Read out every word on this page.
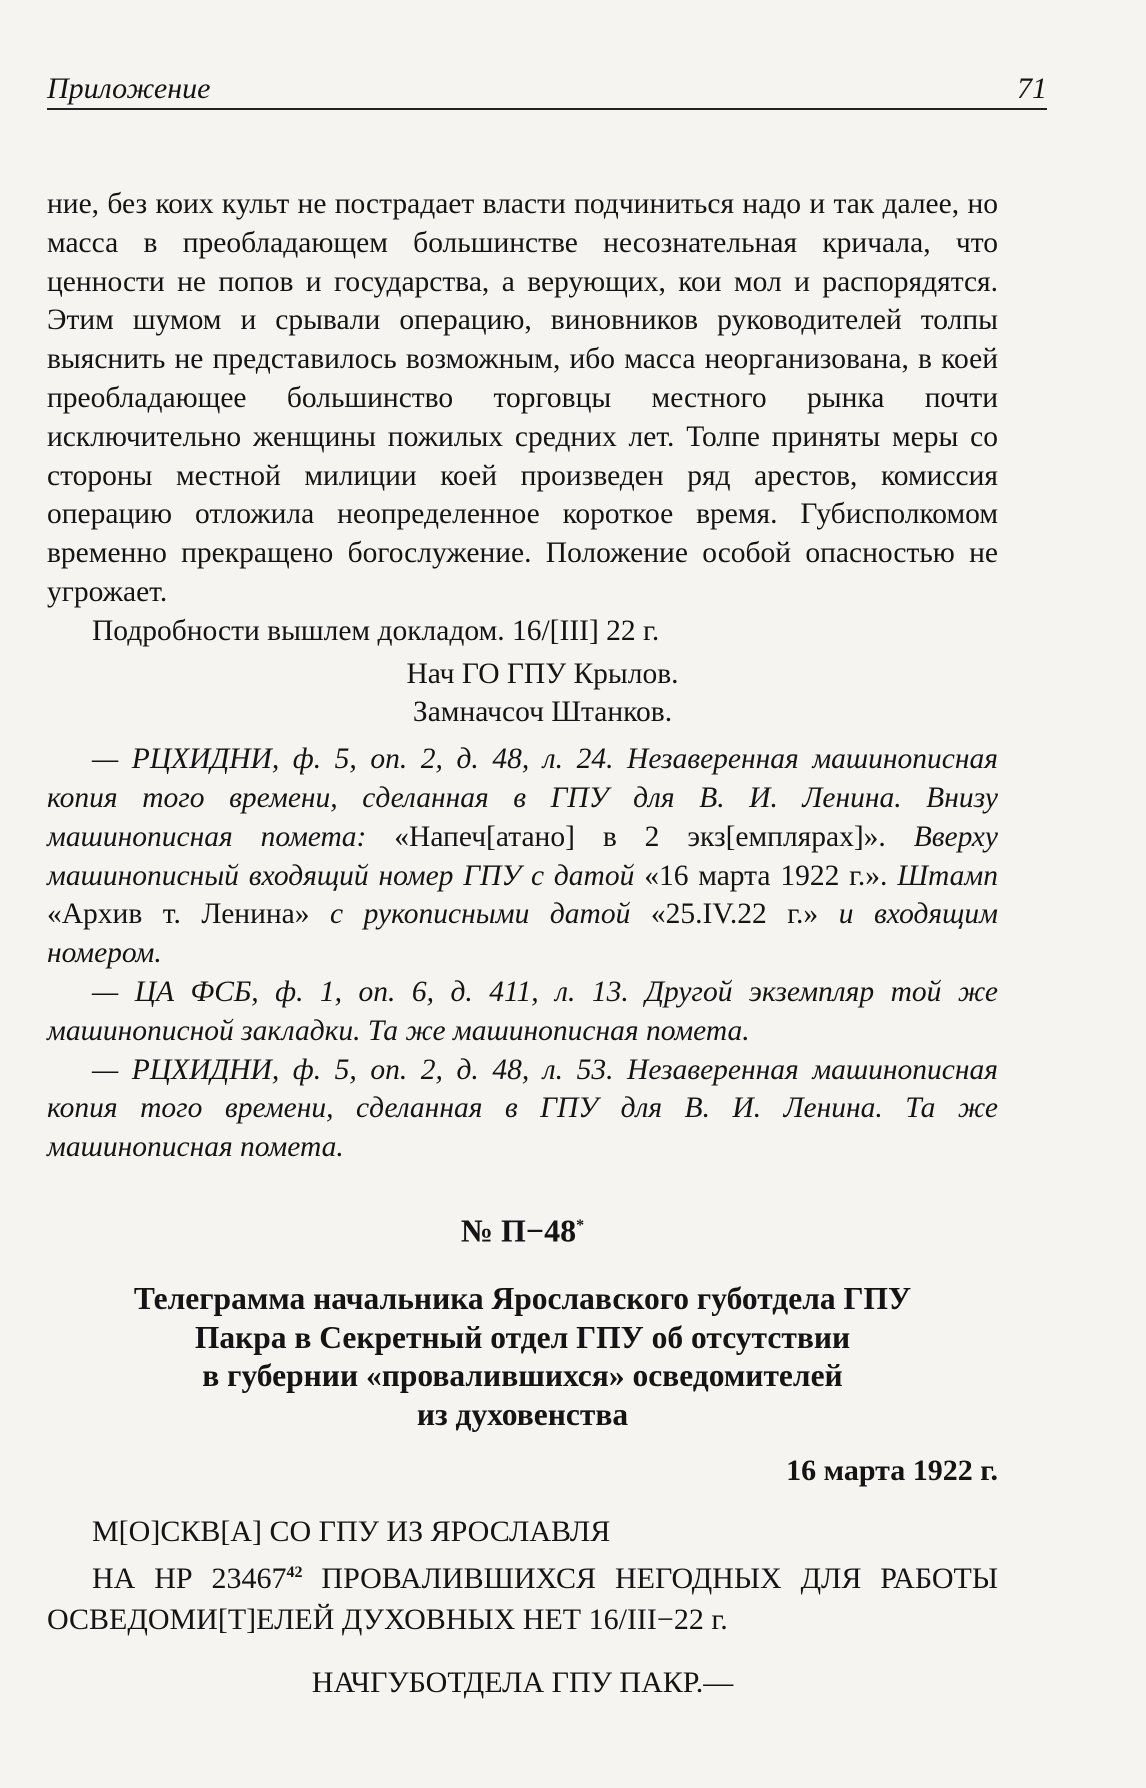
Приложение	71

ние, без коих культ не пострадает власти подчиниться надо и так далее, но масса в преобладающем большинстве несознательная кричала, что ценности не попов и государства, а верующих, кои мол и распорядятся. Этим шумом и срывали операцию, виновников руководителей толпы выяснить не представилось возможным, ибо масса неорганизована, в коей преобладающее большинство торговцы местного рынка почти исключительно женщины пожилых средних лет. Толпе приняты меры со стороны местной милиции коей произведен ряд арестов, комиссия операцию отложила неопределенное короткое время. Губисполкомом временно прекращено богослужение. Положение особой опасностью не угрожает.

Подробности вышлем докладом. 16/[III] 22 г.

Нач ГО ГПУ Крылов.

Замначсоч Штанков.

— РЦХИДНИ, ф. 5, оп. 2, д. 48, л. 24. Незаверенная машинописная копия того времени, сделанная в ГПУ для В. И. Ленина. Внизу машинописная пометa: «Напеч[атано] в 2 экз[емплярах]». Вверху машинописный входящий номер ГПУ с датой «16 марта 1922 г.». Штамп «Архив т. Ленина» с рукописными датой «25.IV.22 г.» и входящим номером.

— ЦА ФСБ, ф. 1, оп. 6, д. 411, л. 13. Другой экземпляр той же машинописной закладки. Та же машинописная помета.

— РЦХИДНИ, ф. 5, оп. 2, д. 48, л. 53. Незаверенная машинописная копия того времени, сделанная в ГПУ для В. И. Ленина. Та же машинописная помета.

№ П−48*
Телеграмма начальника Ярославского губотдела ГПУ
Пакра в Секретный отдел ГПУ об отсутствии
в губернии «провалившихся» осведомителей
из духовенства
16 марта 1922 г.

М[О]СКВ[А] СО ГПУ ИЗ ЯРОСЛАВЛЯ

НА НР 23467$^{42}$ ПРОВАЛИВШИХСЯ НЕГОДНЫХ ДЛЯ РАБОТЫ ОСВЕДОМИ[Т]ЕЛЕЙ ДУХОВНЫХ НЕТ 16/III−22 г.

НАЧГУБОТДЕЛА ГПУ ПАКР.—
